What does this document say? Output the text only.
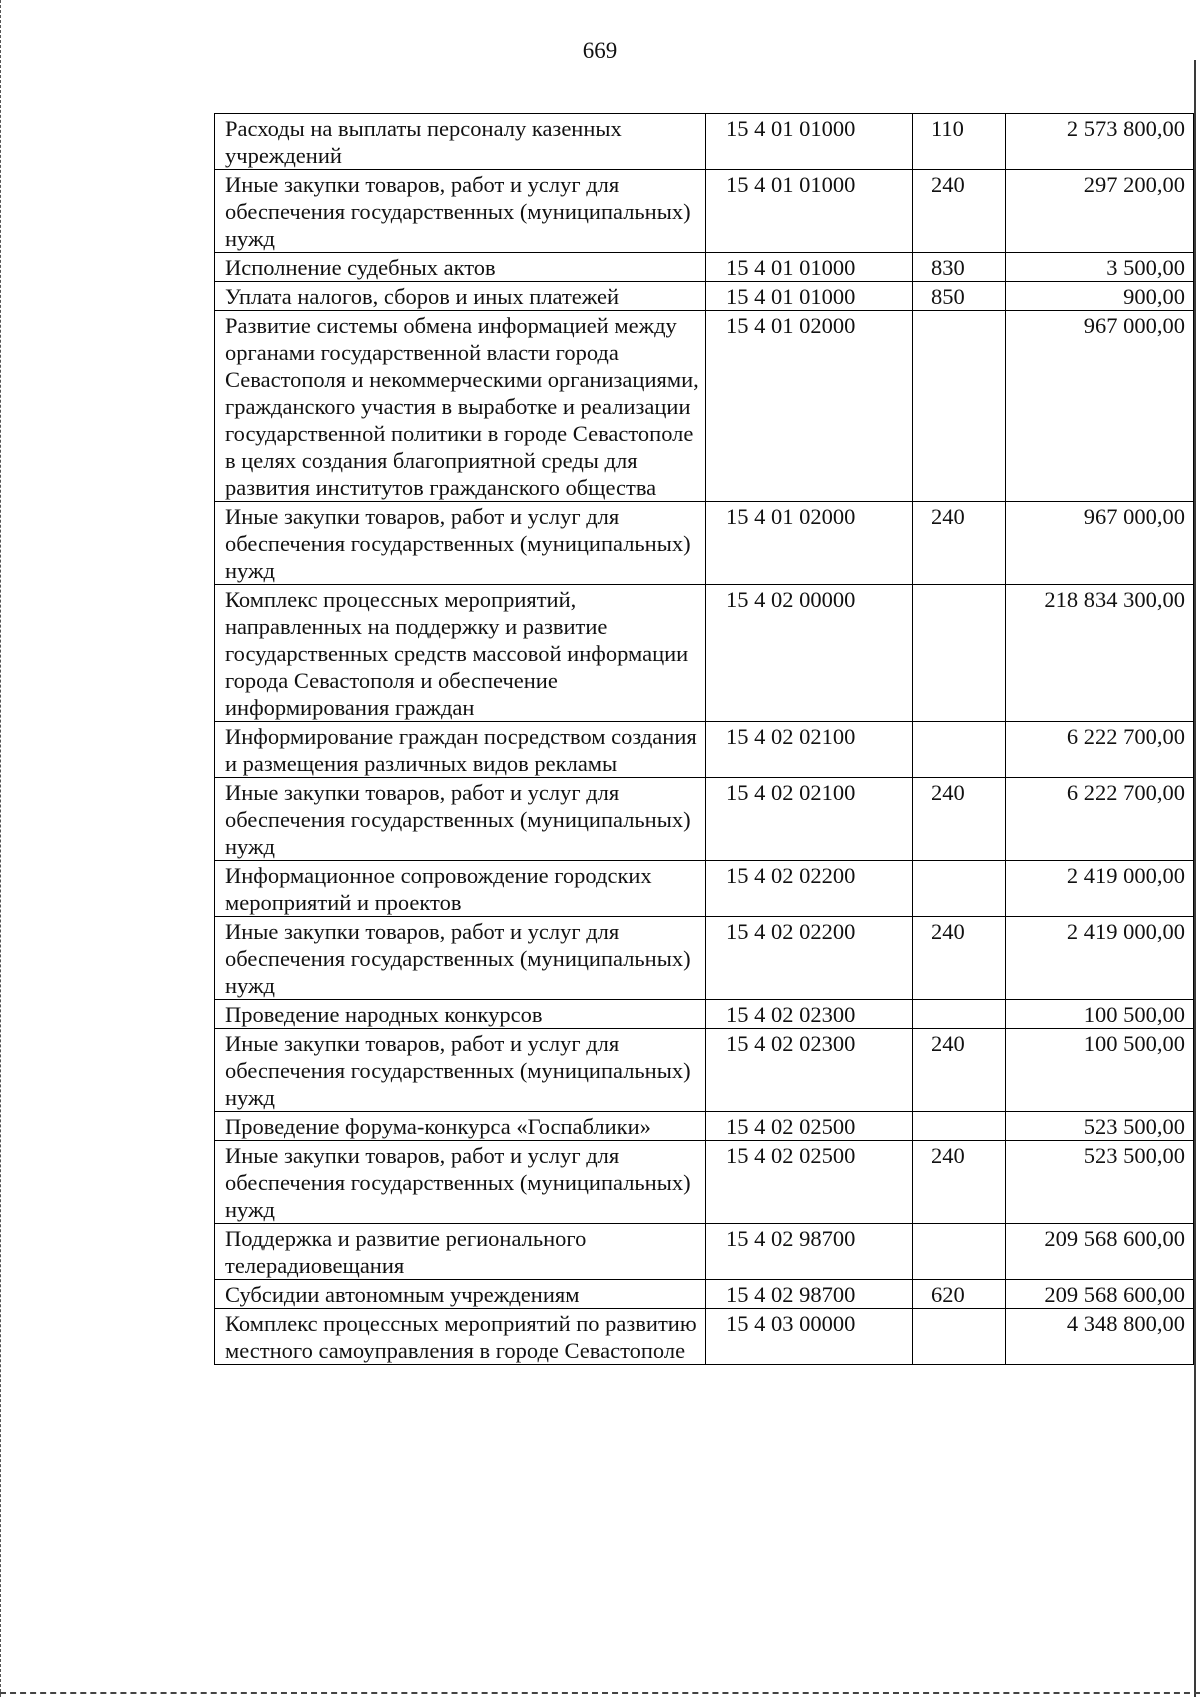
669
Расходы на выплаты персоналу казенных учреждений	15 4 01 01000	110	2 573 800,00
Иные закупки товаров, работ и услуг для обеспечения государственных (муниципальных) нужд	15 4 01 01000	240	297 200,00
Исполнение судебных актов	15 4 01 01000	830	3 500,00
Уплата налогов, сборов и иных платежей	15 4 01 01000	850	900,00
Развитие системы обмена информацией между органами государственной власти города Севастополя и некоммерческими организациями, гражданского участия в выработке и реализации государственной политики в городе Севастополе в целях создания благоприятной среды для развития институтов гражданского общества	15 4 01 02000		967 000,00
Иные закупки товаров, работ и услуг для обеспечения государственных (муниципальных) нужд	15 4 01 02000	240	967 000,00
Комплекс процессных мероприятий, направленных на поддержку и развитие государственных средств массовой информации города Севастополя и обеспечение информирования граждан	15 4 02 00000		218 834 300,00
Информирование граждан посредством создания и размещения различных видов рекламы	15 4 02 02100		6 222 700,00
Иные закупки товаров, работ и услуг для обеспечения государственных (муниципальных) нужд	15 4 02 02100	240	6 222 700,00
Информационное сопровождение городских мероприятий и проектов	15 4 02 02200		2 419 000,00
Иные закупки товаров, работ и услуг для обеспечения государственных (муниципальных) нужд	15 4 02 02200	240	2 419 000,00
Проведение народных конкурсов	15 4 02 02300		100 500,00
Иные закупки товаров, работ и услуг для обеспечения государственных (муниципальных) нужд	15 4 02 02300	240	100 500,00
Проведение форума-конкурса «Госпаблики»	15 4 02 02500		523 500,00
Иные закупки товаров, работ и услуг для обеспечения государственных (муниципальных) нужд	15 4 02 02500	240	523 500,00
Поддержка и развитие регионального телерадиовещания	15 4 02 98700		209 568 600,00
Субсидии автономным учреждениям	15 4 02 98700	620	209 568 600,00
Комплекс процессных мероприятий по развитию местного самоуправления в городе Севастополе	15 4 03 00000		4 348 800,00
